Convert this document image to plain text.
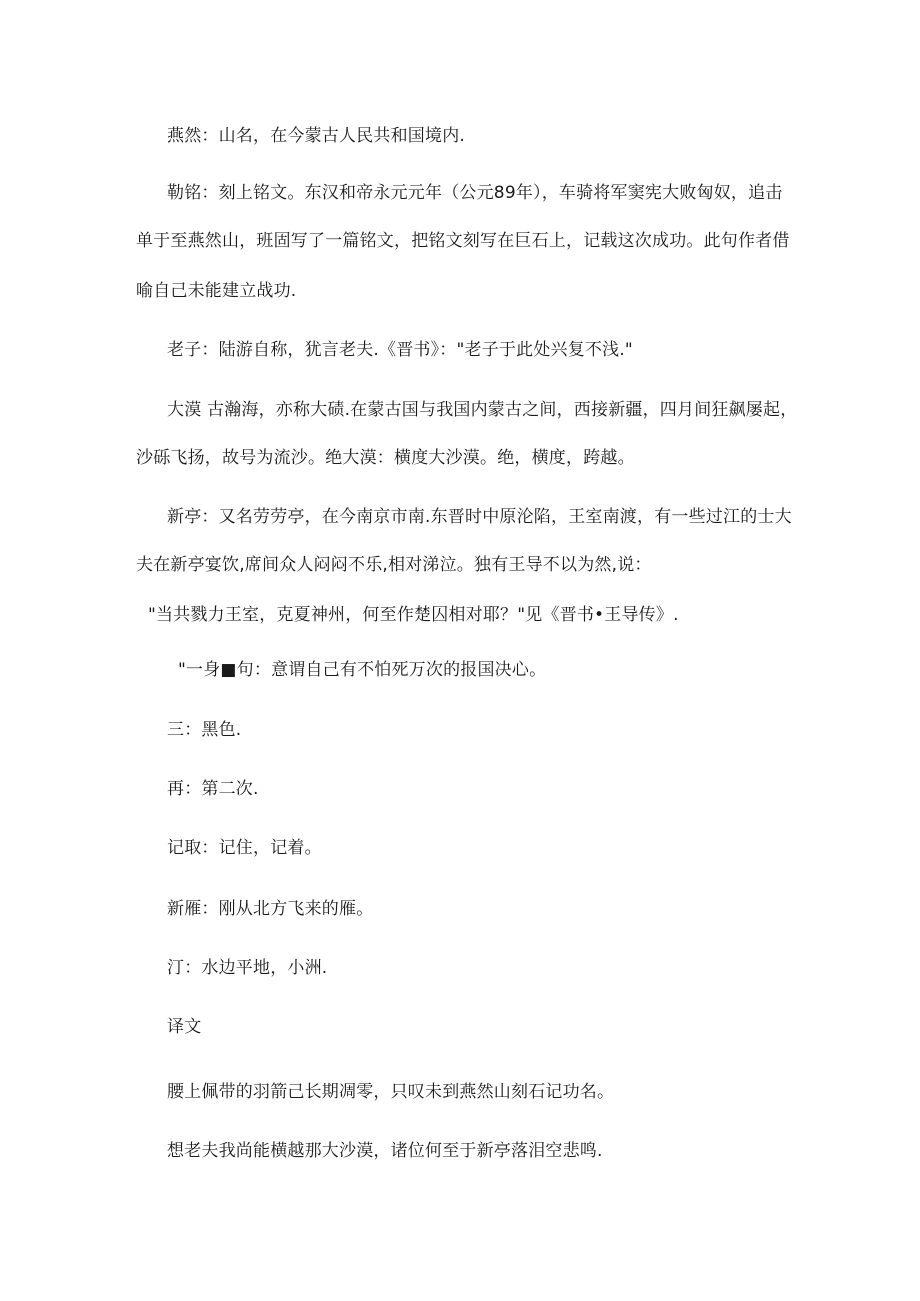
燕然：山名，在今蒙古人民共和国境内.
勒铭：刻上铭文。东汉和帝永元元年（公元89年），车骑将军窦宪大败匈奴，追击
单于至燕然山，班固写了一篇铭文，把铭文刻写在巨石上，记载这次成功。此句作者借
喻自己未能建立战功.
老子：陆游自称，犹言老夫.《晋书》："老子于此处兴复不浅."
大漠 古瀚海，亦称大碛.在蒙古国与我国内蒙古之间，西接新疆，四月间狂飙屡起，
沙砾飞扬，故号为流沙。绝大漠：横度大沙漠。绝，横度，跨越。
新亭：又名劳劳亭，在今南京市南.东晋时中原沦陷，王室南渡，有一些过江的士大
夫在新亭宴饮,席间众人闷闷不乐,相对涕泣。独有王导不以为然,说：
"当共戮力王室，克夏神州，何至作楚囚相对耶？"见《晋书•王导传》.
"一身■句：意谓自己有不怕死万次的报国决心。
三：黑色.
再：第二次.
记取：记住，记着。
新雁：刚从北方飞来的雁。
汀：水边平地，小洲.
译文
腰上佩带的羽箭己长期凋零，只叹未到燕然山刻石记功名。
想老夫我尚能横越那大沙漠，诸位何至于新亭落泪空悲鸣.
